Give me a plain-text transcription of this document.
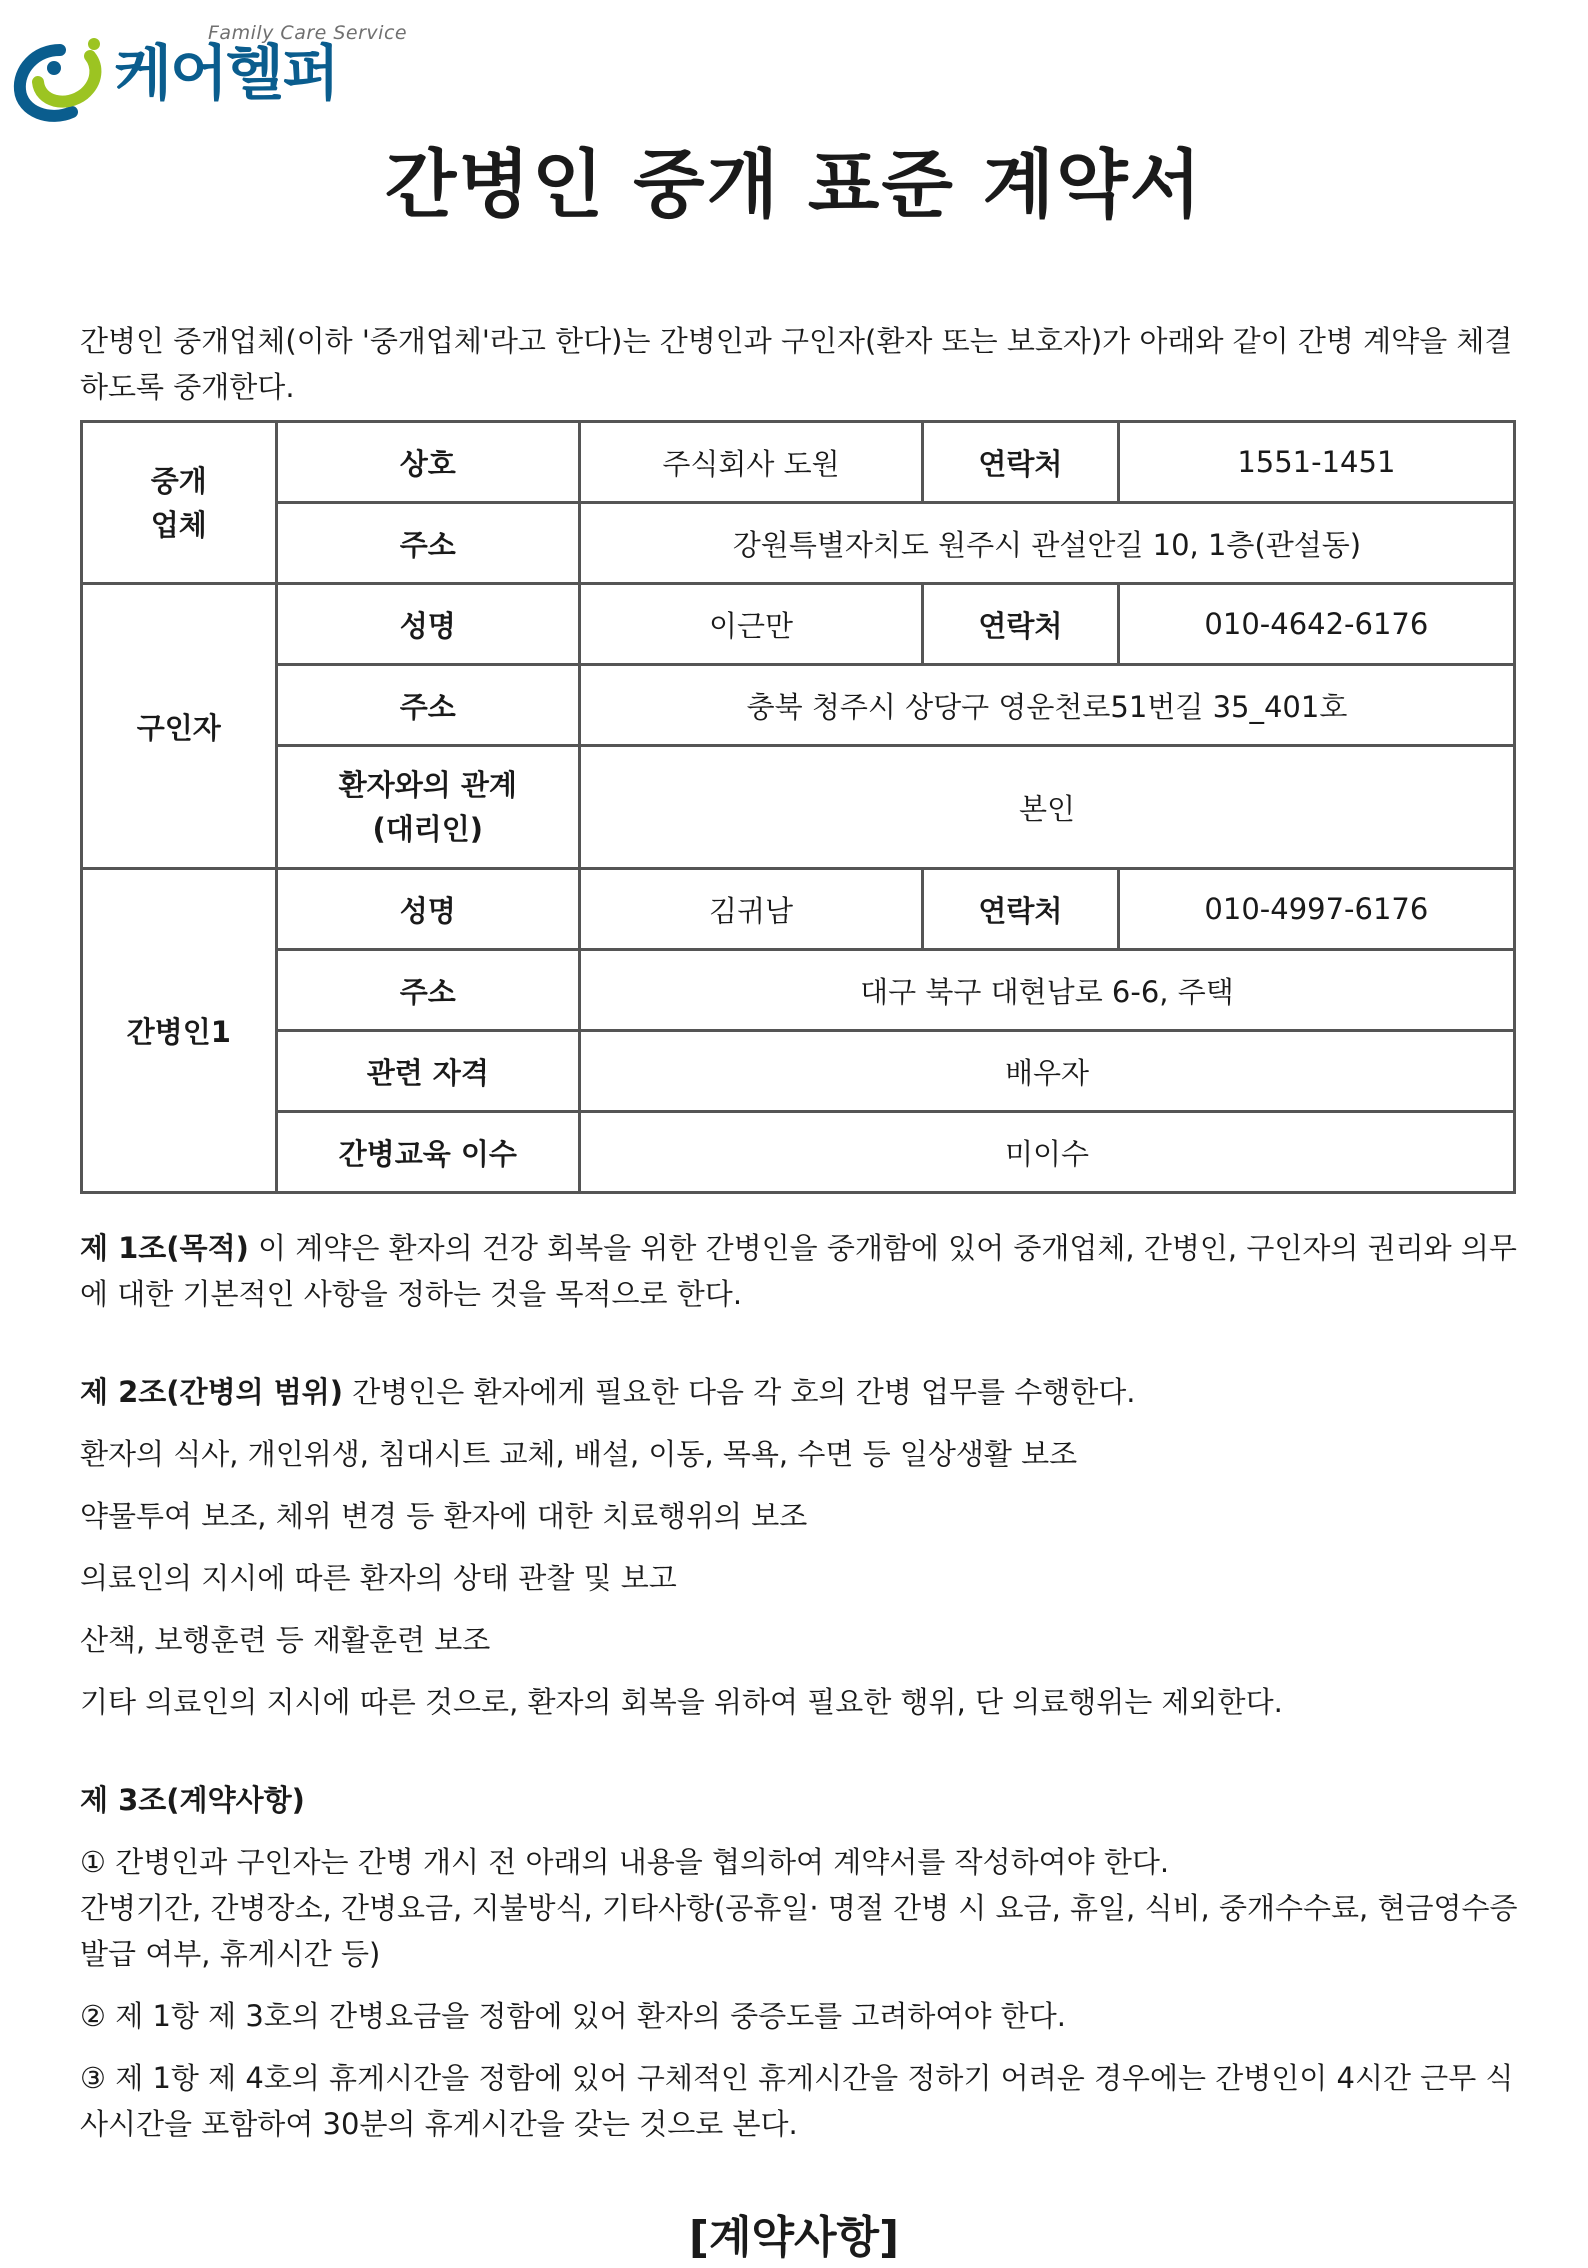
Family Care Service
케어헬퍼
간병인 중개 표준 계약서
간병인 중개업체(이하 '중개업체'라고 한다)는 간병인과 구인자(환자 또는 보호자)가 아래와 같이 간병 계약을 체결하도록 중개한다.
중개
업체	상호	주식회사 도원	연락처	1551-1451
	주소	강원특별자치도 원주시 관설안길 10, 1층(관설동)		
구인자	성명	이근만	연락처	010-4642-6176
	주소	충북 청주시 상당구 영운천로51번길 35_401호		
	환자와의 관계
(대리인)	본인		
간병인1	성명	김귀남	연락처	010-4997-6176
	주소	대구 북구 대현남로 6-6, 주택		
	관련 자격	배우자		
	간병교육 이수	미이수		

제 1조(목적) 이 계약은 환자의 건강 회복을 위한 간병인을 중개함에 있어 중개업체, 간병인, 구인자의 권리와 의무에 대한 기본적인 사항을 정하는 것을 목적으로 한다.

제 2조(간병의 범위) 간병인은 환자에게 필요한 다음 각 호의 간병 업무를 수행한다.

환자의 식사, 개인위생, 침대시트 교체, 배설, 이동, 목욕, 수면 등 일상생활 보조

약물투여 보조, 체위 변경 등 환자에 대한 치료행위의 보조

의료인의 지시에 따른 환자의 상태 관찰 및 보고

산책, 보행훈련 등 재활훈련 보조

기타 의료인의 지시에 따른 것으로, 환자의 회복을 위하여 필요한 행위, 단 의료행위는 제외한다.

제 3조(계약사항)

① 간병인과 구인자는 간병 개시 전 아래의 내용을 협의하여 계약서를 작성하여야 한다.

간병기간, 간병장소, 간병요금, 지불방식, 기타사항(공휴일· 명절 간병 시 요금, 휴일, 식비, 중개수수료, 현금영수증 발급 여부, 휴게시간 등)

② 제 1항 제 3호의 간병요금을 정함에 있어 환자의 중증도를 고려하여야 한다.

③ 제 1항 제 4호의 휴게시간을 정함에 있어 구체적인 휴게시간을 정하기 어려운 경우에는 간병인이 4시간 근무 식사시간을 포함하여 30분의 휴게시간을 갖는 것으로 본다.

[계약사항]
